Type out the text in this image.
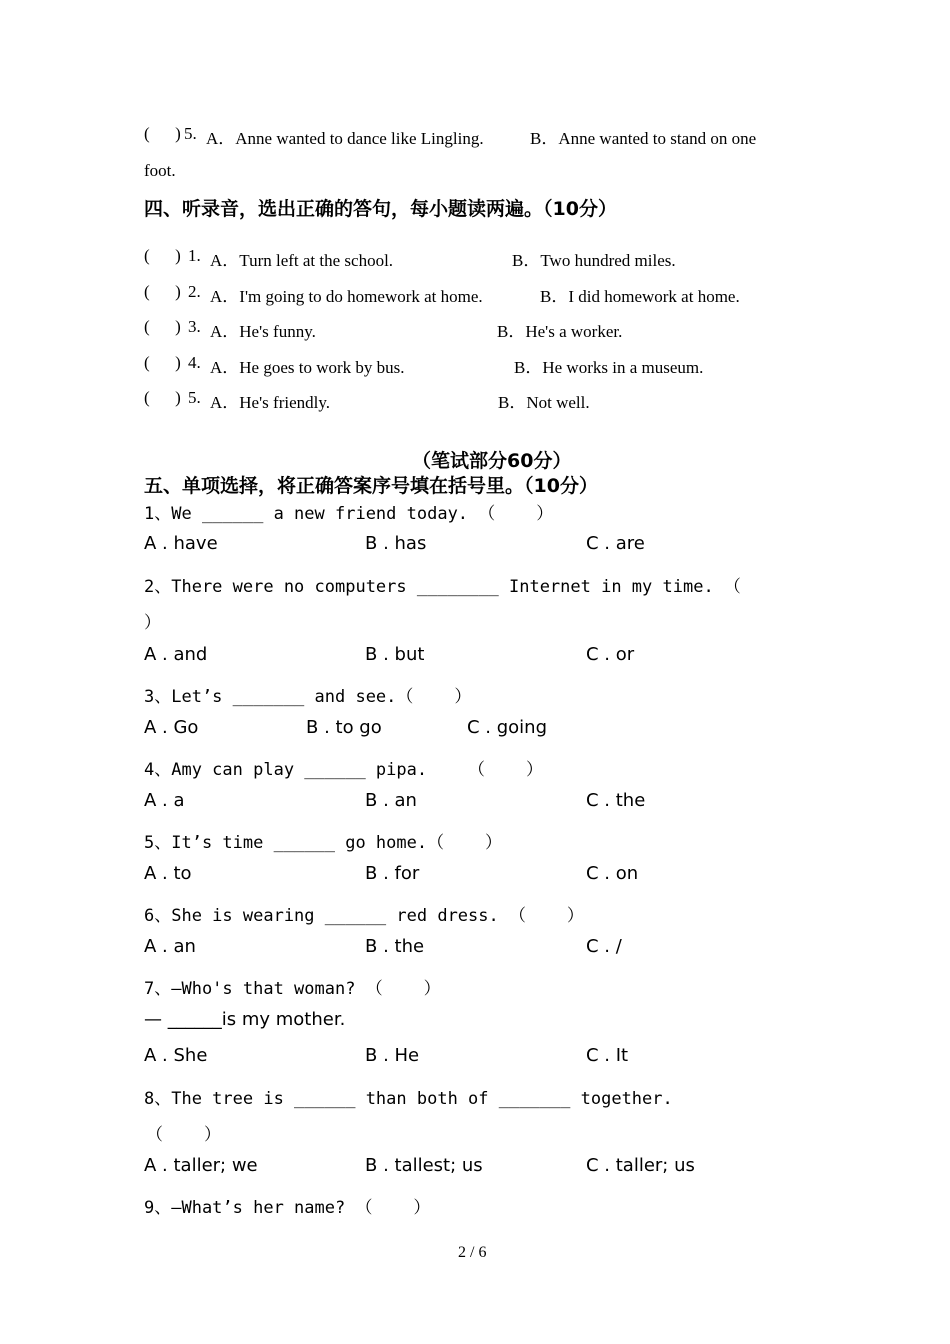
(      ) 5. A．Anne wanted to dance like Lingling.	B．Anne wanted to stand on one
foot.
四、听录音，选出正确的答句，每小题读两遍。（10分）
(      ) 1. A．Turn left at the school.	B．Two hundred miles.
(      ) 2. A．I'm going to do homework at home.	B．I did homework at home.
(      ) 3. A．He's funny.	B．He's a worker.
(      ) 4. A．He goes to work by bus.	B．He works in a museum.
(      ) 5. A．He's friendly.	B．Not well.
（笔试部分60分）
五、单项选择，将正确答案序号填在括号里。（10分）
1、We ______ a new friend today. （    ）
A . have	B . has	C . are
2、There were no computers ________ Internet in my time. （
）
A . and	B . but	C . or
3、Let’s _______ and see.（    ）
A . Go	B . to go	C . going
4、Amy can play ______ pipa.    （    ）
A . a	B . an	C . the
5、It’s time ______ go home.（    ）
A . to	B . for	C . on
6、She is wearing ______ red dress. （    ）
A . an	B . the	C . /
7、—Who's that woman? （    ）
— ______is my mother.
A . She	B . He	C . It
8、The tree is ______ than both of _______ together.
（    ）
A . taller; we	B . tallest; us	C . taller; us
9、—What’s her name? （    ）
2 / 6
